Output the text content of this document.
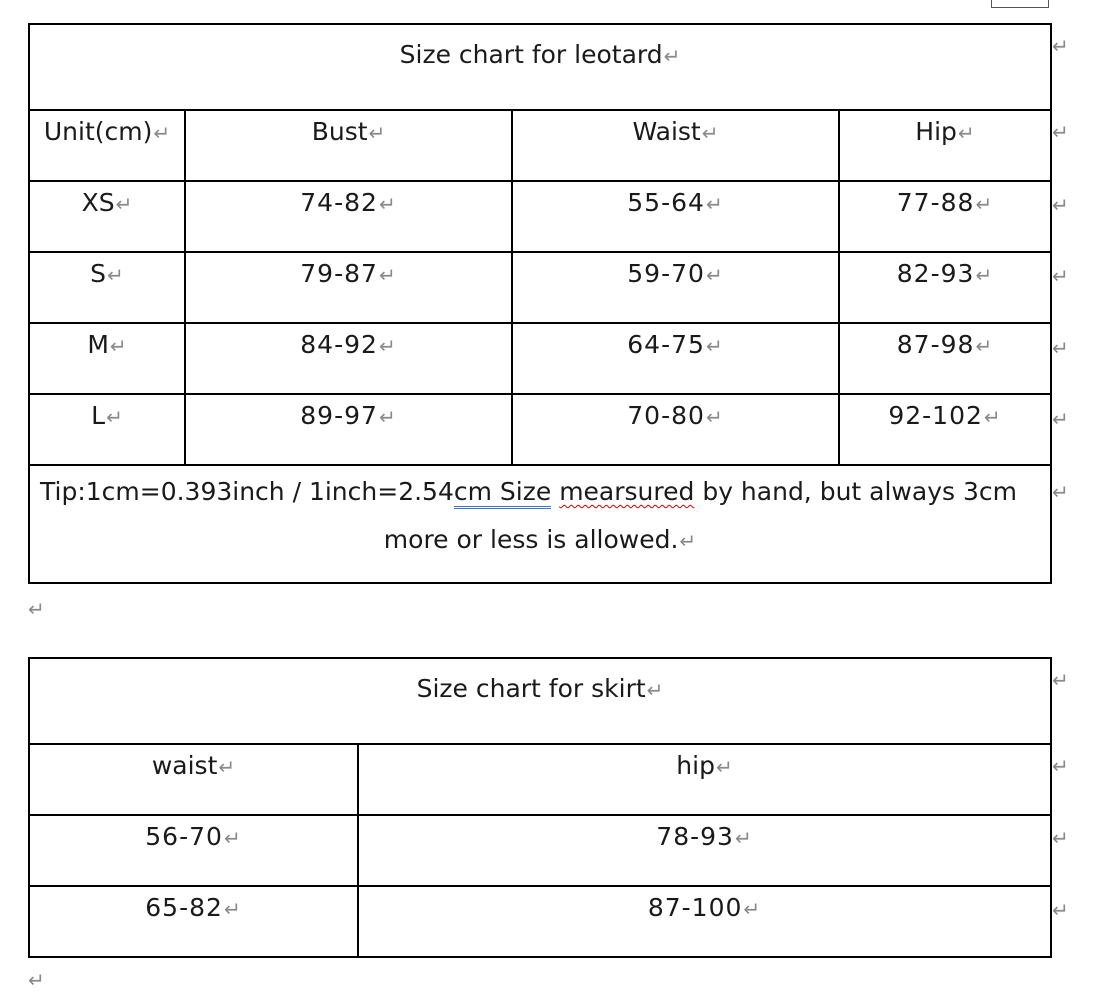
Size chart for leotard↵			

Unit(cm)↵	Bust↵	Waist↵	Hip↵

XS↵	74-82↵	55-64↵	77-88↵

S↵	79-87↵	59-70↵	82-93↵

M↵	84-92↵	64-75↵	87-98↵

L↵	89-97↵	70-80↵	92-102↵

Tip:1cm=0.393inch / 1inch=2.54cm Size mearsured by hand, but always 3cm
more or less is allowed.↵			
↵
↵
↵
↵
↵
↵
↵
↵
Size chart for skirt↵	

waist↵	hip↵

56-70↵	78-93↵

65-82↵	87-100↵
↵
↵
↵
↵
↵
